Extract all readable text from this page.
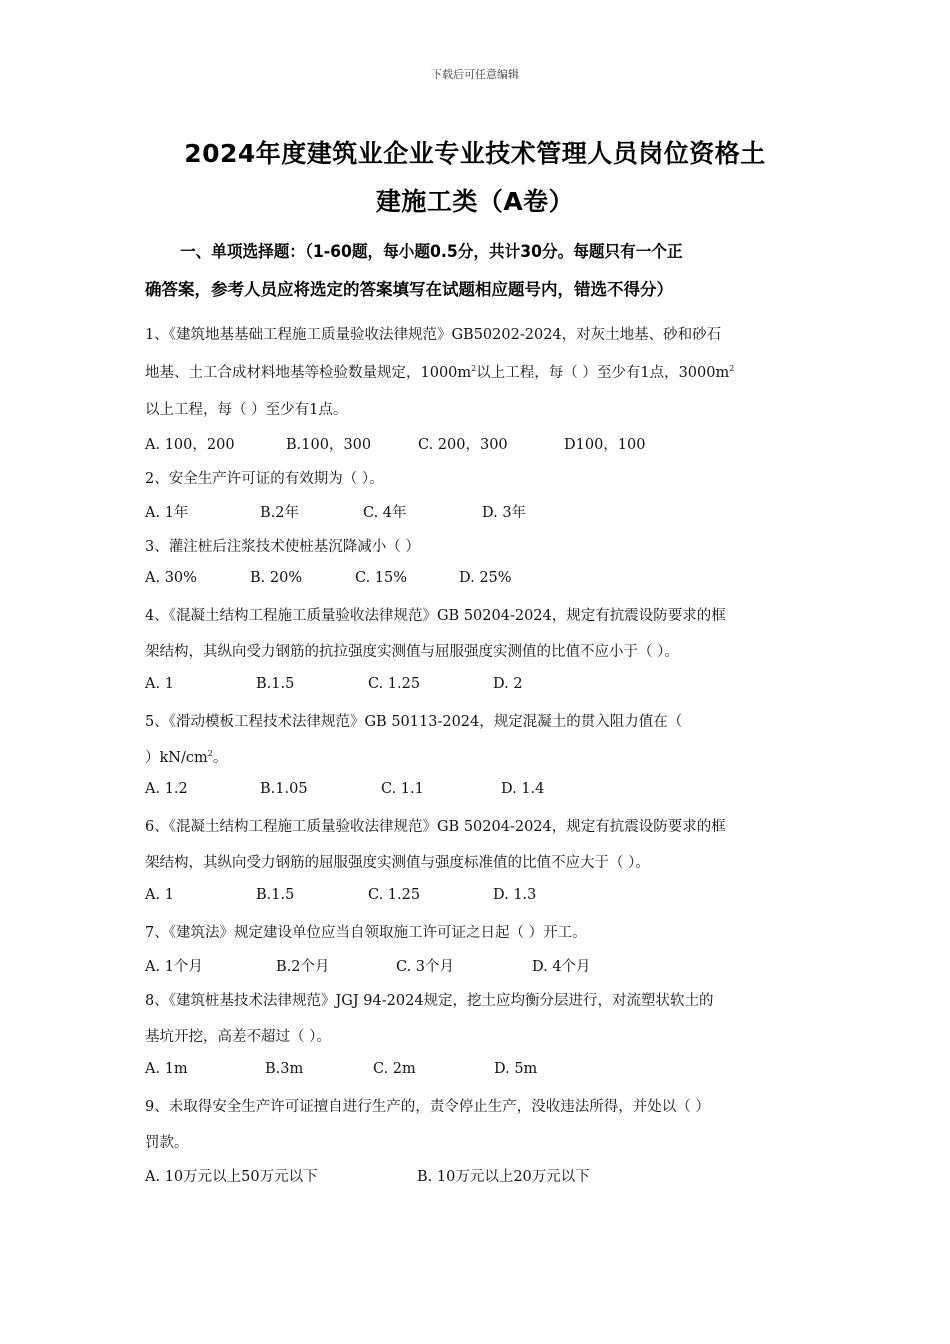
下载后可任意编辑
2024年度建筑业企业专业技术管理人员岗位资格土
建施工类（A卷）
一、单项选择题：（1-60题，每小题0.5分，共计30分。每题只有一个正
确答案，参考人员应将选定的答案填写在试题相应题号内，错选不得分）
1、《建筑地基基础工程施工质量验收法律规范》GB50202-2024，对灰土地基、砂和砂石
地基、土工合成材料地基等检验数量规定，$1000m^2$以上工程，每（ ）至少有1点，$3000m^2$
以上工程，每（ ）至少有1点。
A. 100，200	B.100，300	C. 200，300	D100，100
2、安全生产许可证的有效期为（ ）。
A. 1年	B.2年	C. 4年	D. 3年
3、灌注桩后注浆技术使桩基沉降减小（ ）
A. 30%	B. 20%	C. 15%	D. 25%
4、《混凝土结构工程施工质量验收法律规范》GB 50204-2024，规定有抗震设防要求的框
架结构，其纵向受力钢筋的抗拉强度实测值与屈服强度实测值的比值不应小于（ ）。
A. 1	B.1.5	C. 1.25	D. 2
5、《滑动模板工程技术法律规范》GB 50113-2024，规定混凝土的贯入阻力值在（
）$kN/cm^2$。
A. 1.2	B.1.05	C. 1.1	D. 1.4
6、《混凝土结构工程施工质量验收法律规范》GB 50204-2024，规定有抗震设防要求的框
架结构，其纵向受力钢筋的屈服强度实测值与强度标准值的比值不应大于（ ）。
A. 1	B.1.5	C. 1.25	D. 1.3
7、《建筑法》规定建设单位应当自领取施工许可证之日起（ ）开工。
A. 1个月	B.2个月	C. 3个月	D. 4个月
8、《建筑桩基技术法律规范》JGJ 94-2024规定，挖土应均衡分层进行，对流塑状软土的
基坑开挖，高差不超过（ ）。
A. 1m	B.3m	C. 2m	D. 5m
9、未取得安全生产许可证擅自进行生产的，责令停止生产，没收违法所得，并处以（ ）
罚款。
A. 10万元以上50万元以下	B. 10万元以上20万元以下
